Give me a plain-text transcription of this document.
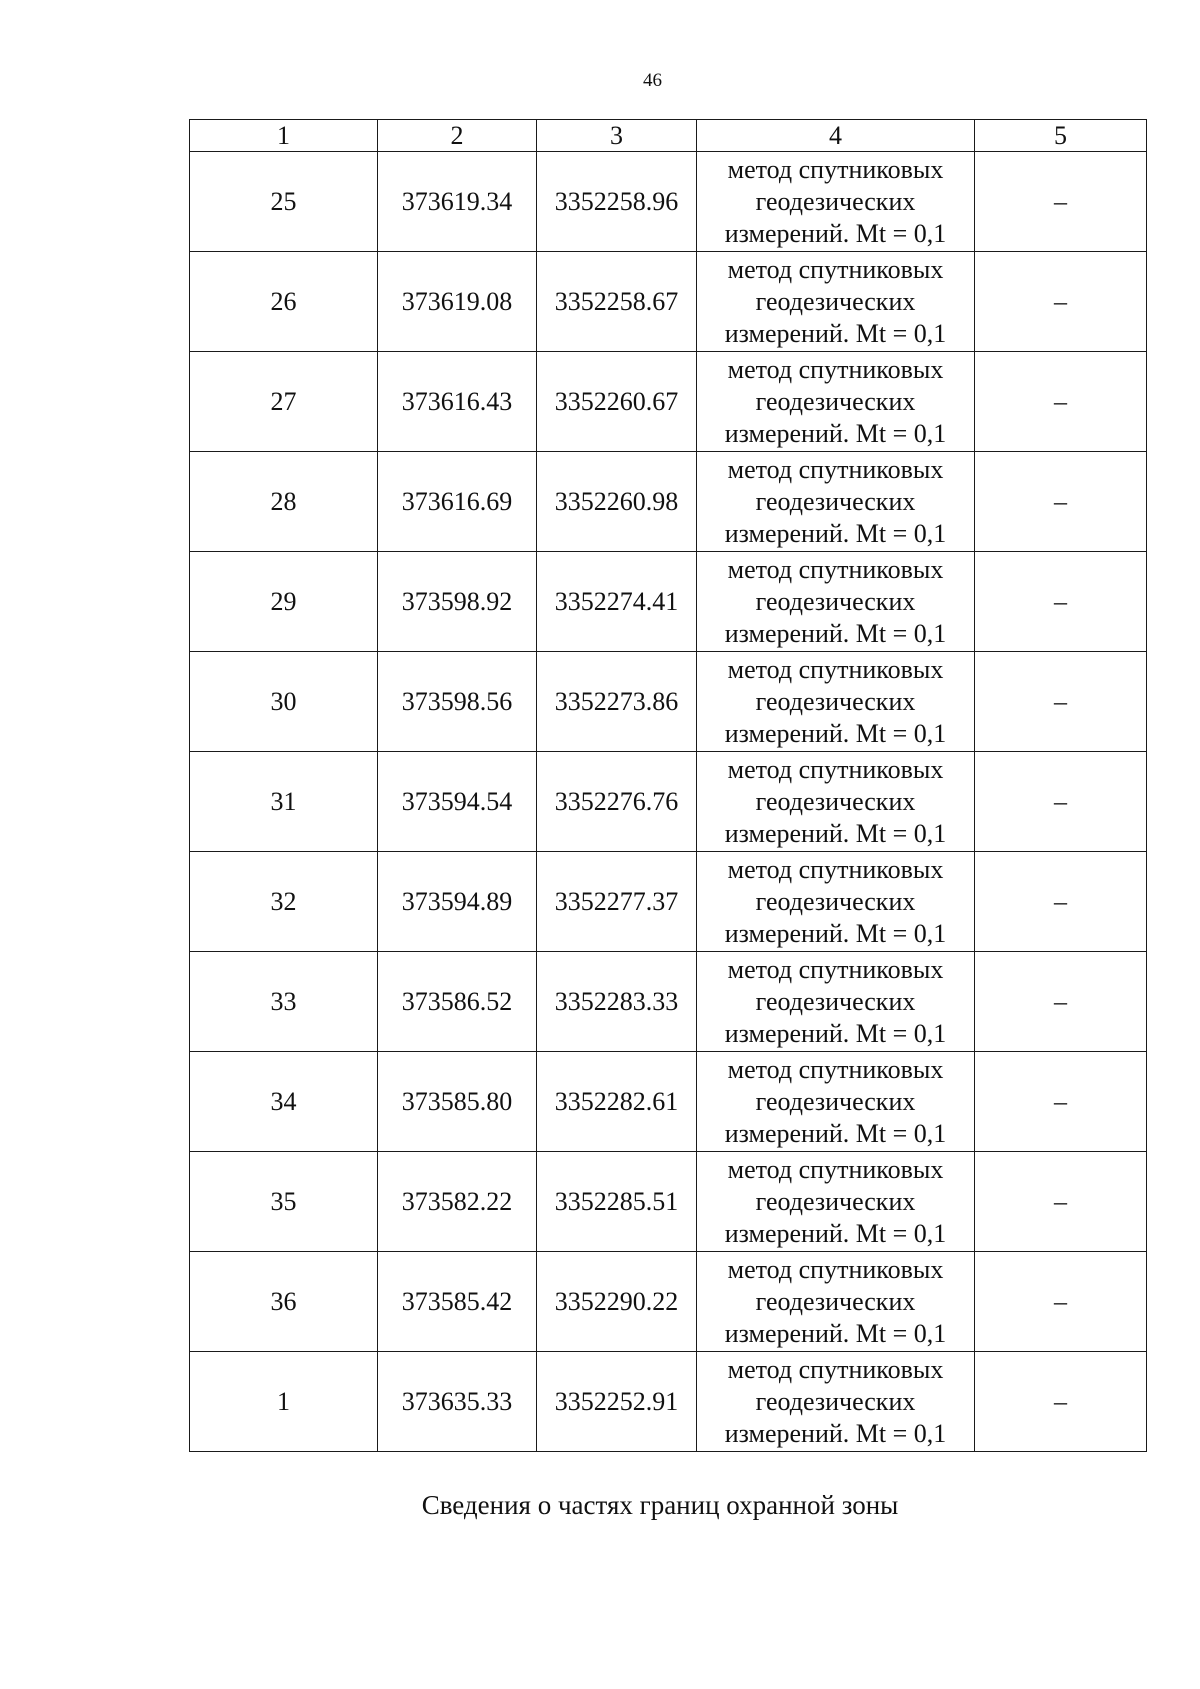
46
1	2	3	4	5
25	373619.34	3352258.96	метод спутниковых
геодезических
измерений. Mt = 0,1	–
26	373619.08	3352258.67	метод спутниковых
геодезических
измерений. Mt = 0,1	–
27	373616.43	3352260.67	метод спутниковых
геодезических
измерений. Mt = 0,1	–
28	373616.69	3352260.98	метод спутниковых
геодезических
измерений. Mt = 0,1	–
29	373598.92	3352274.41	метод спутниковых
геодезических
измерений. Mt = 0,1	–
30	373598.56	3352273.86	метод спутниковых
геодезических
измерений. Mt = 0,1	–
31	373594.54	3352276.76	метод спутниковых
геодезических
измерений. Mt = 0,1	–
32	373594.89	3352277.37	метод спутниковых
геодезических
измерений. Mt = 0,1	–
33	373586.52	3352283.33	метод спутниковых
геодезических
измерений. Mt = 0,1	–
34	373585.80	3352282.61	метод спутниковых
геодезических
измерений. Mt = 0,1	–
35	373582.22	3352285.51	метод спутниковых
геодезических
измерений. Mt = 0,1	–
36	373585.42	3352290.22	метод спутниковых
геодезических
измерений. Mt = 0,1	–
1	373635.33	3352252.91	метод спутниковых
геодезических
измерений. Mt = 0,1	–
Сведения о частях границ охранной зоны
